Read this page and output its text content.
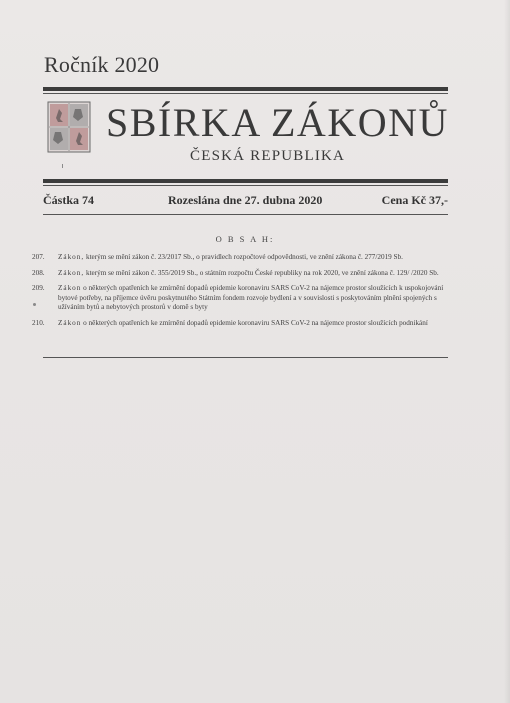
Ročník 2020
SBÍRKA ZÁKONŮ
ČESKÁ REPUBLIKA
Částka 74	Rozeslána dne 27. dubna 2020	Cena Kč 37,-
O B S A H:
207. Zákon, kterým se mění zákon č. 23/2017 Sb., o pravidlech rozpočtové odpovědnosti, ve znění zákona č. 277/2019 Sb.
208. Zákon, kterým se mění zákon č. 355/2019 Sb., o státním rozpočtu České republiky na rok 2020, ve znění zákona č. 129/ /2020 Sb.
209. Zákon o některých opatřeních ke zmírnění dopadů epidemie koronaviru SARS CoV-2 na nájemce prostor sloužících k uspokojování bytové potřeby, na příjemce úvěru poskytnutého Státním fondem rozvoje bydlení a v souvislosti s poskytováním plnění spojených s užíváním bytů a nebytových prostorů v domě s byty
210. Zákon o některých opatřeních ke zmírnění dopadů epidemie koronaviru SARS CoV-2 na nájemce prostor sloužících podnikání
